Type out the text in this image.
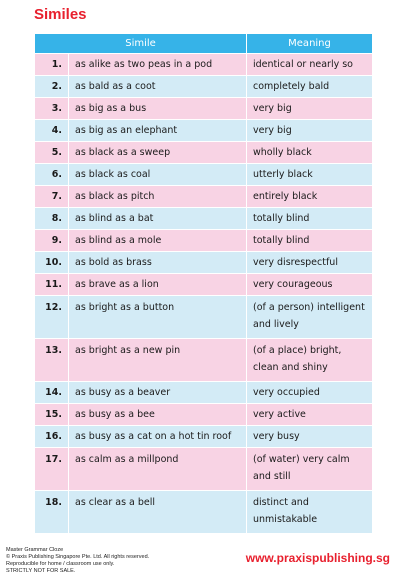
Similes
Simile		Meaning
1.	as alike as two peas in a pod	identical or nearly so
2.	as bald as a coot	completely bald
3.	as big as a bus	very big
4.	as big as an elephant	very big
5.	as black as a sweep	wholly black
6.	as black as coal	utterly black
7.	as black as pitch	entirely black
8.	as blind as a bat	totally blind
9.	as blind as a mole	totally blind
10.	as bold as brass	very disrespectful
11.	as brave as a lion	very courageous
12.	as bright as a button	(of a person) intelligent and lively
13.	as bright as a new pin	(of a place) bright, clean and shiny
14.	as busy as a beaver	very occupied
15.	as busy as a bee	very active
16.	as busy as a cat on a hot tin roof	very busy
17.	as calm as a millpond	(of water) very calm and still
18.	as clear as a bell	distinct and unmistakable
Master Grammar Cloze
© Praxis Publishing Singapore Pte. Ltd. All rights reserved.
Reproducible for home / classroom use only.
STRICTLY NOT FOR SALE.
www.praxispublishing.sg
